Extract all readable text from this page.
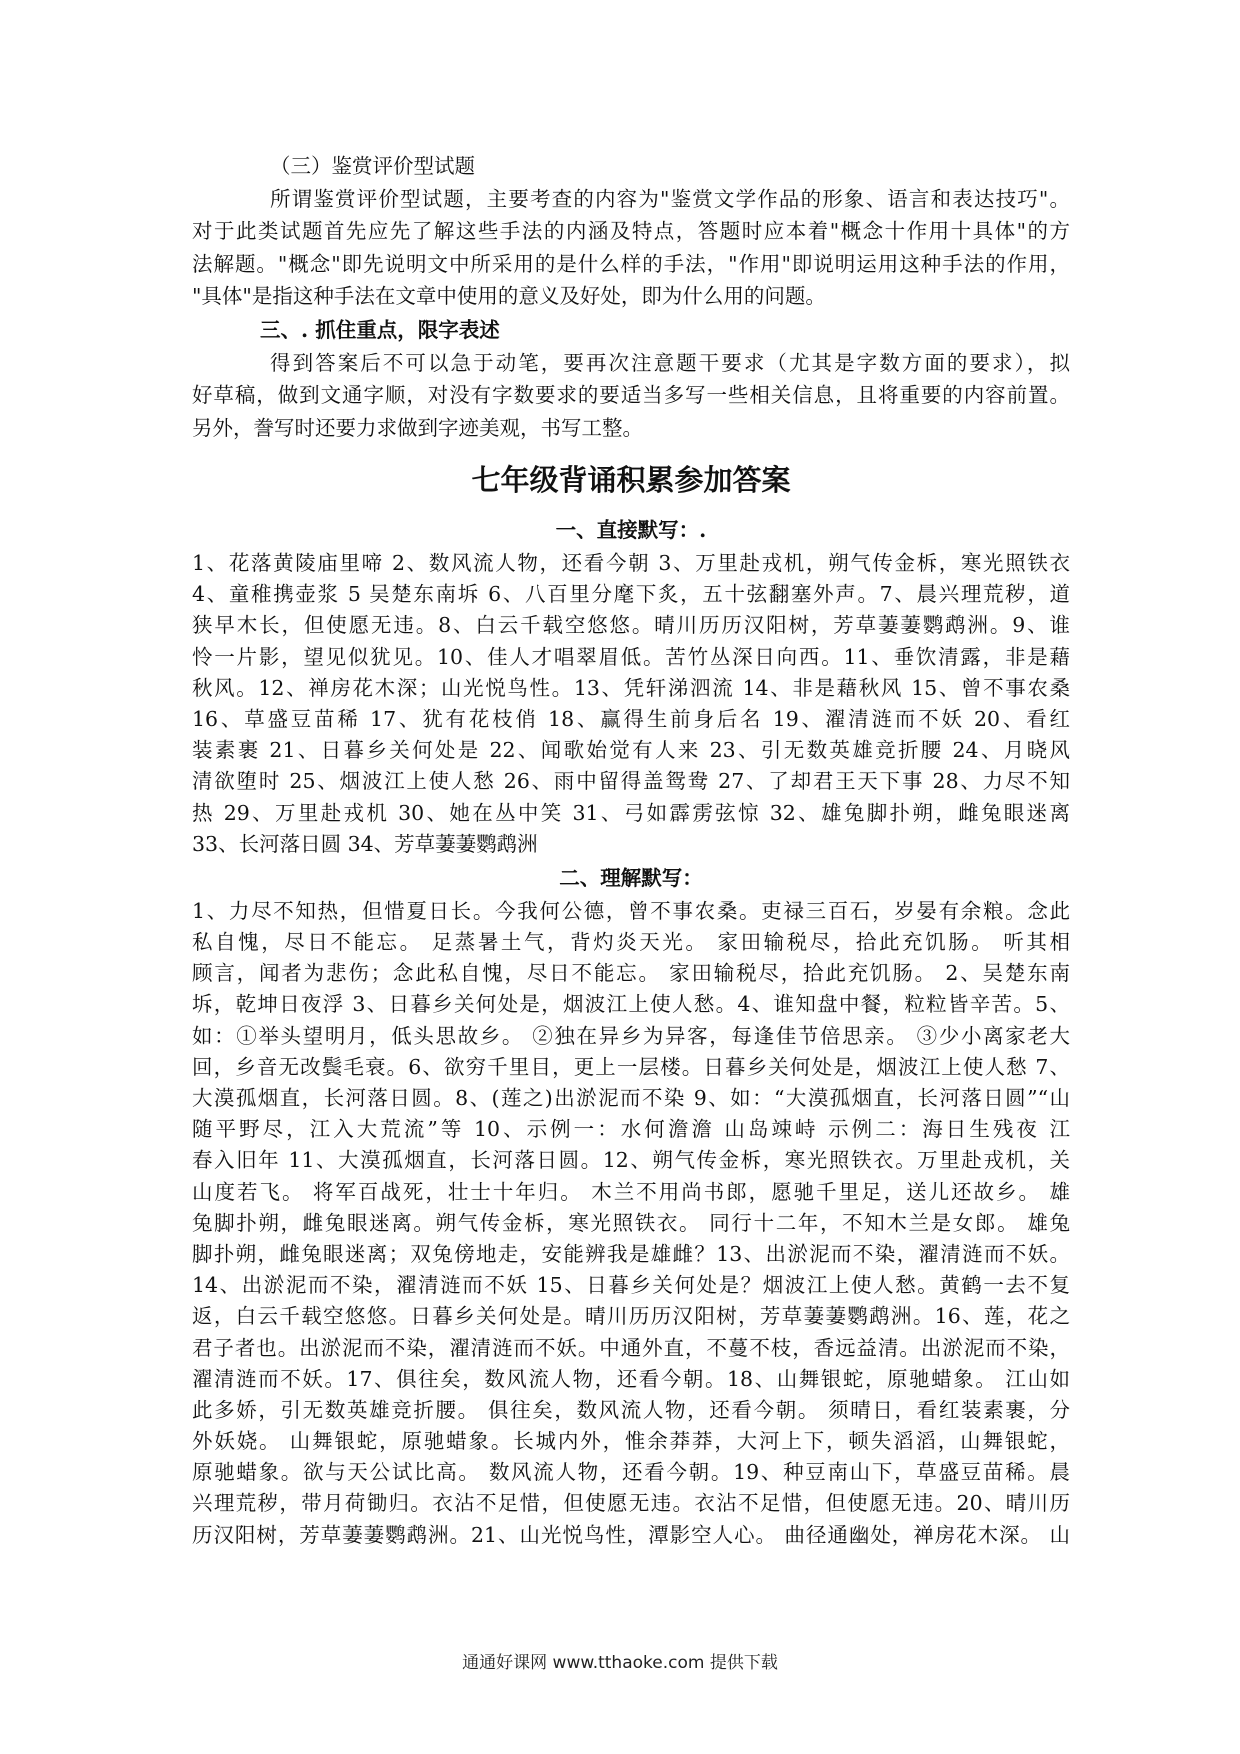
（三）鉴赏评价型试题
所谓鉴赏评价型试题，主要考查的内容为"鉴赏文学作品的形象、语言和表达技巧"。
对于此类试题首先应先了解这些手法的内涵及特点，答题时应本着"概念十作用十具体"的方
法解题。"概念"即先说明文中所采用的是什么样的手法，"作用"即说明运用这种手法的作用，
"具体"是指这种手法在文章中使用的意义及好处，即为什么用的问题。
三、. 抓住重点，限字表述
得到答案后不可以急于动笔，要再次注意题干要求（尤其是字数方面的要求），拟
好草稿，做到文通字顺，对没有字数要求的要适当多写一些相关信息，且将重要的内容前置。
另外，誊写时还要力求做到字迹美观，书写工整。
七年级背诵积累参加答案
一、直接默写：.
1、花落黄陵庙里啼 2、数风流人物，还看今朝 3、万里赴戎机，朔气传金柝，寒光照铁衣
4、童稚携壶浆 5 吴楚东南坼 6、八百里分麾下炙，五十弦翻塞外声。7、晨兴理荒秽，道
狭早木长，但使愿无违。8、白云千载空悠悠。晴川历历汉阳树，芳草萋萋鹦鹉洲。9、谁
怜一片影，望见似犹见。10、佳人才唱翠眉低。苦竹丛深日向西。11、垂饮清露，非是藉
秋风。12、禅房花木深；山光悦鸟性。13、凭轩涕泗流 14、非是藉秋风 15、曾不事农桑
16、草盛豆苗稀 17、犹有花枝俏 18、赢得生前身后名 19、濯清涟而不妖 20、看红
装素裹 21、日暮乡关何处是 22、闻歌始觉有人来 23、引无数英雄竞折腰 24、月晓风
清欲堕时 25、烟波江上使人愁 26、雨中留得盖鸳鸯 27、了却君王天下事 28、力尽不知
热 29、万里赴戎机 30、她在丛中笑 31、弓如霹雳弦惊 32、雄兔脚扑朔，雌兔眼迷离
33、长河落日圆 34、芳草萋萋鹦鹉洲
二、理解默写：
1、力尽不知热，但惜夏日长。今我何公德，曾不事农桑。吏禄三百石，岁晏有余粮。念此
私自愧，尽日不能忘。 足蒸暑土气，背灼炎天光。 家田输税尽，拾此充饥肠。 听其相
顾言，闻者为悲伤；念此私自愧，尽日不能忘。 家田输税尽，拾此充饥肠。 2、吴楚东南
坼，乾坤日夜浮 3、日暮乡关何处是，烟波江上使人愁。4、谁知盘中餐，粒粒皆辛苦。5、
如：①举头望明月，低头思故乡。 ②独在异乡为异客，每逢佳节倍思亲。 ③少小离家老大
回，乡音无改鬓毛衰。6、欲穷千里目，更上一层楼。日暮乡关何处是，烟波江上使人愁 7、
大漠孤烟直，长河落日圆。8、(莲之)出淤泥而不染 9、如：“大漠孤烟直，长河落日圆”“山
随平野尽，江入大荒流”等 10、示例一：水何澹澹 山岛竦峙 示例二：海日生残夜 江
春入旧年 11、大漠孤烟直，长河落日圆。12、朔气传金柝，寒光照铁衣。万里赴戎机，关
山度若飞。 将军百战死，壮士十年归。 木兰不用尚书郎，愿驰千里足，送儿还故乡。 雄
兔脚扑朔，雌兔眼迷离。朔气传金柝，寒光照铁衣。 同行十二年，不知木兰是女郎。 雄兔
脚扑朔，雌兔眼迷离；双兔傍地走，安能辨我是雄雌？13、出淤泥而不染，濯清涟而不妖。
14、出淤泥而不染，濯清涟而不妖 15、日暮乡关何处是？烟波江上使人愁。黄鹤一去不复
返，白云千载空悠悠。日暮乡关何处是。晴川历历汉阳树，芳草萋萋鹦鹉洲。16、莲，花之
君子者也。出淤泥而不染，濯清涟而不妖。中通外直，不蔓不枝，香远益清。出淤泥而不染，
濯清涟而不妖。17、俱往矣，数风流人物，还看今朝。18、山舞银蛇，原驰蜡象。 江山如
此多娇，引无数英雄竞折腰。 俱往矣，数风流人物，还看今朝。 须晴日，看红装素裹，分
外妖娆。 山舞银蛇，原驰蜡象。长城内外，惟余莽莽，大河上下，顿失滔滔，山舞银蛇，
原驰蜡象。欲与天公试比高。 数风流人物，还看今朝。19、种豆南山下，草盛豆苗稀。晨
兴理荒秽，带月荷锄归。衣沾不足惜，但使愿无违。衣沾不足惜，但使愿无违。20、晴川历
历汉阳树，芳草萋萋鹦鹉洲。21、山光悦鸟性，潭影空人心。 曲径通幽处，禅房花木深。 山
通通好课网 www.tthaoke.com 提供下载
